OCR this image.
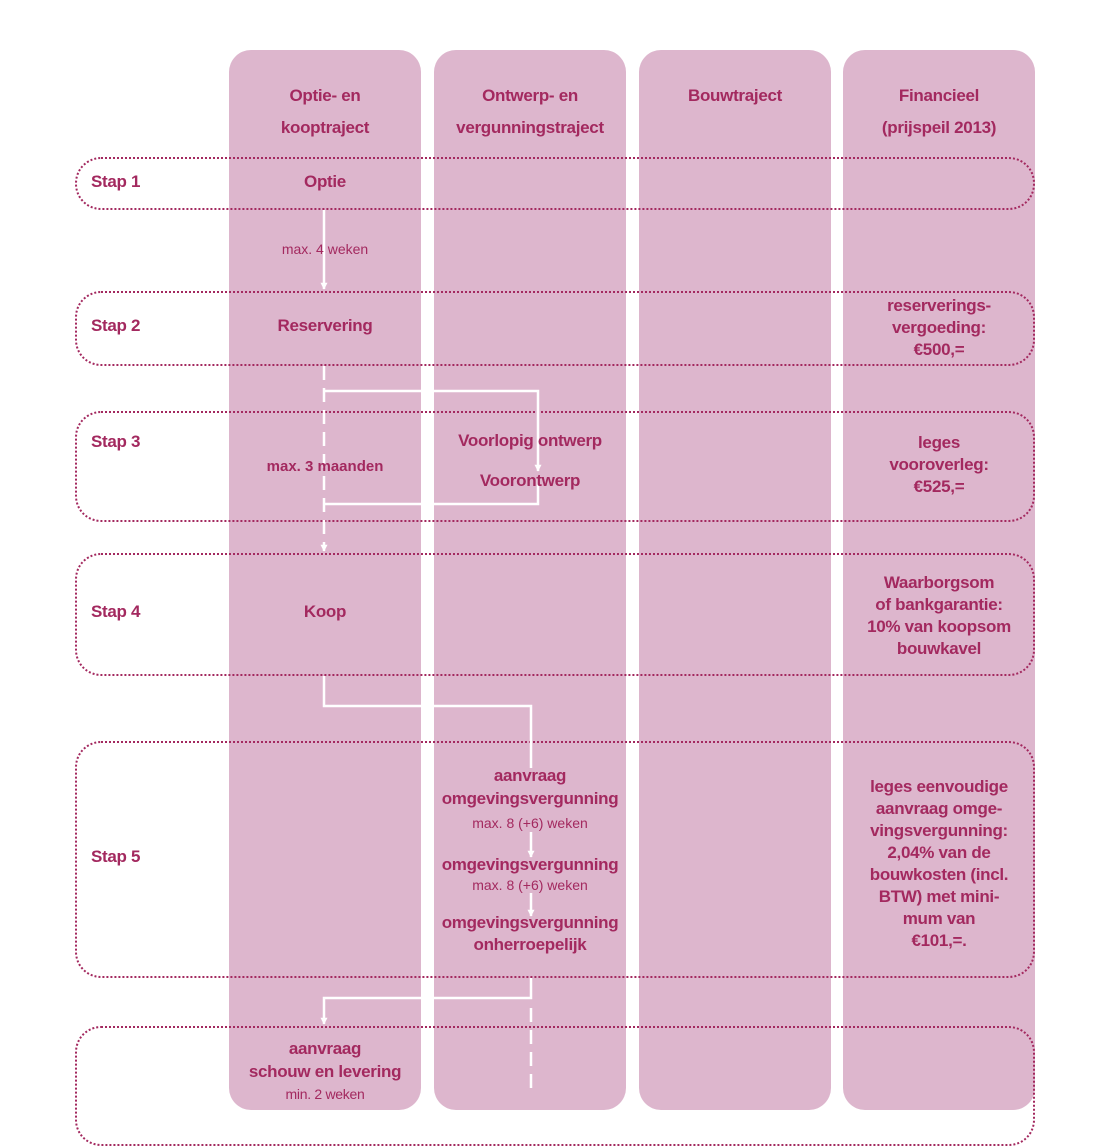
Optie- en
kooptraject
Ontwerp- en
vergunningstraject
Bouwtraject	Financieel
(prijspeil 2013)
Stap 1
Stap 2
Stap 3
Stap 4
Stap 5
Optie
max. 4 weken
Reservering
max. 3 maanden
Koop
aanvraag
schouw en levering
min. 2 weken
Voorlopig ontwerp
Voorontwerp
aanvraag
omgevingsvergunning
max. 8 (+6) weken
omgevingsvergunning
max. 8 (+6) weken
omgevingsvergunning
onherroepelijk
reserverings-
vergoeding:
€500,=
leges
vooroverleg:
€525,=
Waarborgsom
of bankgarantie:
10% van koopsom
bouwkavel
leges eenvoudige
aanvraag omge-
vingsvergunning:
2,04% van de
bouwkosten (incl.
BTW) met mini-
mum van
€101,=.
